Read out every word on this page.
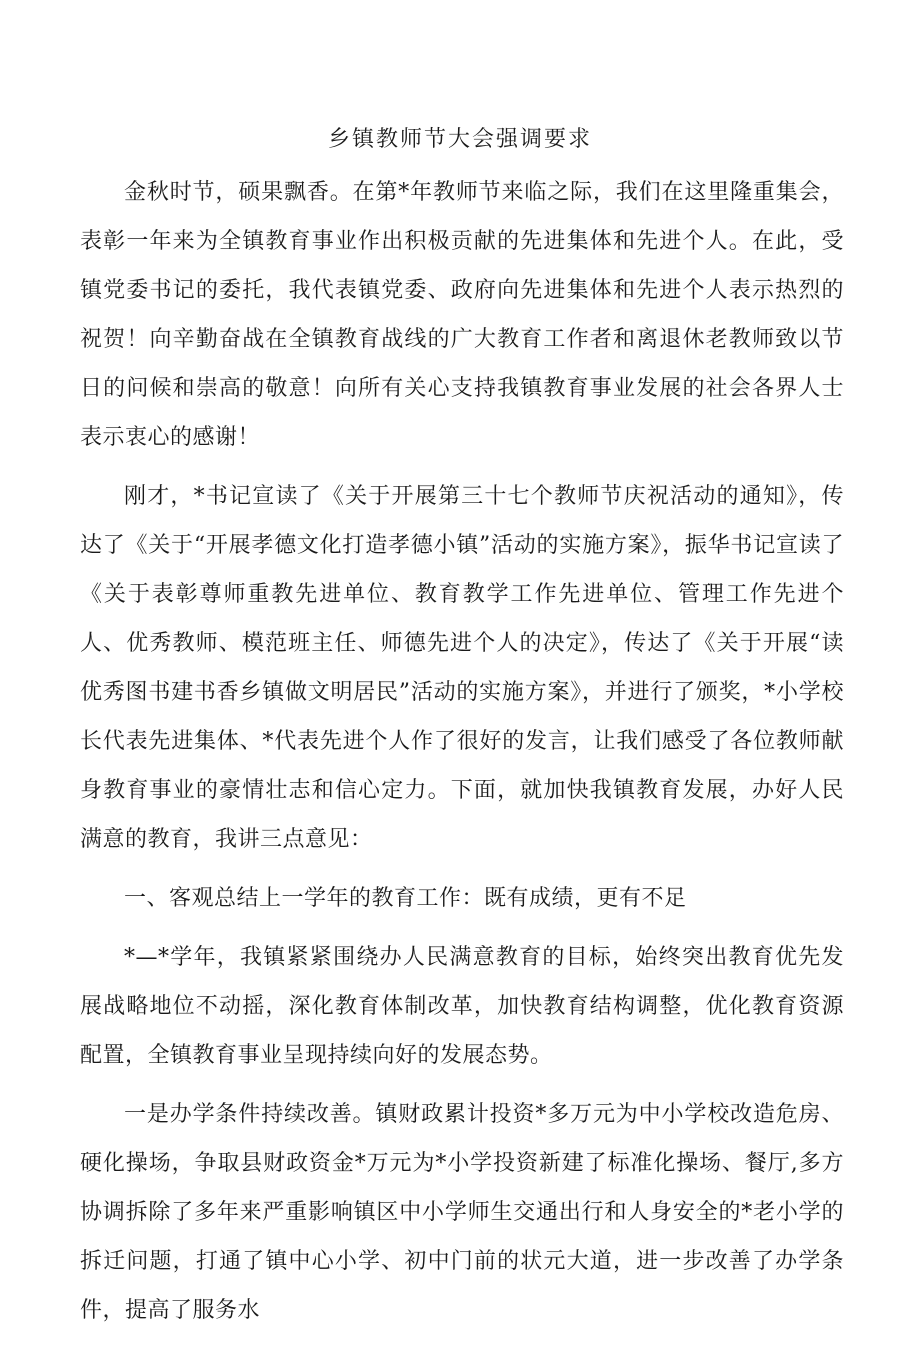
乡镇教师节大会强调要求

金秋时节，硕果飘香。在第*年教师节来临之际，我们在这里隆重集会，表彰一年来为全镇教育事业作出积极贡献的先进集体和先进个人。在此，受镇党委书记的委托，我代表镇党委、政府向先进集体和先进个人表示热烈的祝贺！向辛勤奋战在全镇教育战线的广大教育工作者和离退休老教师致以节日的问候和崇高的敬意！向所有关心支持我镇教育事业发展的社会各界人士表示衷心的感谢！

刚才，*书记宣读了《关于开展第三十七个教师节庆祝活动的通知》，传达了《关于“开展孝德文化打造孝德小镇”活动的实施方案》，振华书记宣读了《关于表彰尊师重教先进单位、教育教学工作先进单位、管理工作先进个人、优秀教师、模范班主任、师德先进个人的决定》，传达了《关于开展“读优秀图书建书香乡镇做文明居民”活动的实施方案》，并进行了颁奖，*小学校长代表先进集体、*代表先进个人作了很好的发言，让我们感受了各位教师献身教育事业的豪情壮志和信心定力。下面，就加快我镇教育发展，办好人民满意的教育，我讲三点意见：

一、客观总结上一学年的教育工作：既有成绩，更有不足

*—*学年，我镇紧紧围绕办人民满意教育的目标，始终突出教育优先发展战略地位不动摇，深化教育体制改革，加快教育结构调整，优化教育资源配置，全镇教育事业呈现持续向好的发展态势。

一是办学条件持续改善。镇财政累计投资*多万元为中小学校改造危房、硬化操场，争取县财政资金*万元为*小学投资新建了标准化操场、餐厅,多方协调拆除了多年来严重影响镇区中小学师生交通出行和人身安全的*老小学的拆迁问题，打通了镇中心小学、初中门前的状元大道，进一步改善了办学条件，提高了服务水
